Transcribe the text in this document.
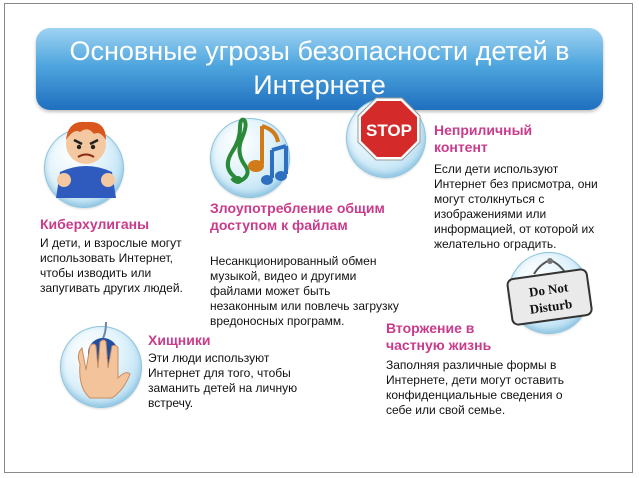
Основные угрозы безопасности детей в Интернете
Киберхулиганы

И дети, и взрослые могут использовать Интернет, чтобы изводить или запугивать других людей.

Злоупотребление общим доступом к файлам

Несанкционированный обмен музыкой, видео и другими файлами может быть незаконным или повлечь загрузку вредоносных программ.

STOP Неприличный контент

Если дети используют Интернет без присмотра, они могут столкнуться с изображениями или информацией, от которой их желательно оградить.

Хищники

Эти люди используют Интернет для того, чтобы заманить детей на личную встречу.

Do Not
Disturb
Вторжение в частную жизнь

Заполняя различные формы в Интернете, дети могут оставить конфиденциальные сведения о себе или свой семье.
